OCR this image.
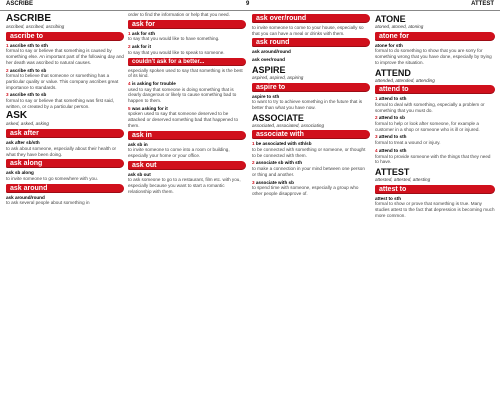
ASCRIBE	9	ATTEST
ASCRIBE
ascribed, ascribed, ascribing
ascribe to
1 ascribe sth to sth
formal to say or believe that something is caused by something else. An important part of the following day and her death was ascribed to natural causes.
2 ascribe sth to sb
formal to believe that someone or something has a particular quality or value. This company ascribes great importance to standards.
3 ascribe sth to sb
formal to say or believe that something was first said, written, or created by a particular person.
ASK
asked, asked, asking
ask after
ask after sb/sth
to ask about someone, especially about their health or what they have been doing.
ask along
ask sb along
to invite someone to go somewhere with you.
ask around
ask around/round
to ask several people about something in
order to find the information or help that you need.
ask for
1 ask for sth
to say that you would like to have something.
2 ask for it
to say that you would like to speak to someone.
couldn't ask for a better...
especially spoken used to say that something is the best of its kind.
4 is asking for trouble
used to say that someone is doing something that is clearly dangerous or likely to cause something bad to happen to them.
5 was asking for it
spoken used to say that someone deserved to be attacked or deserved something bad that happened to them.
ask in
ask sb in
to invite someone to come into a room or building, especially your home or your office.
ask out
ask sb out
to ask someone to go to a restaurant, film etc. with you, especially because you want to start a romantic relationship with them.
ask over/round
to invite someone to come to your house, especially so that you can have a meal or drinks with them.
ask round
ask around/round
ask over/round
ASPIRE
aspired, aspired, aspiring
aspire to
aspire to sth
to want to try to achieve something in the future that is better than what you have now.
ASSOCIATE
associated, associated, associating
associate with
1 be associated with sth/sb
to be connected with something or someone, or thought to be connected with them.
2 associate sb with sth
to make a connection in your mind between one person or thing and another.
3 associate with sb
to spend time with someone, especially a group who other people disapprove of.
ATONE
atoned, atoned, atoning
atone for
atone for sth
formal to do something to show that you are sorry for something wrong that you have done, especially by trying to improve the situation.
ATTEND
attended, attended, attending
attend to
1 attend to sth
formal to deal with something, especially a problem or something that you must do.
2 attend to sb
formal to help or look after someone, for example a customer in a shop or someone who is ill or injured.
3 attend to sth
formal to treat a wound or injury.
4 attend to sth
formal to provide someone with the things that they need to have.
ATTEST
attested, attested, attesting
attest to
attest to sth
formal to show or prove that something is true. Many studies attest to the fact that depression is becoming much more common.
